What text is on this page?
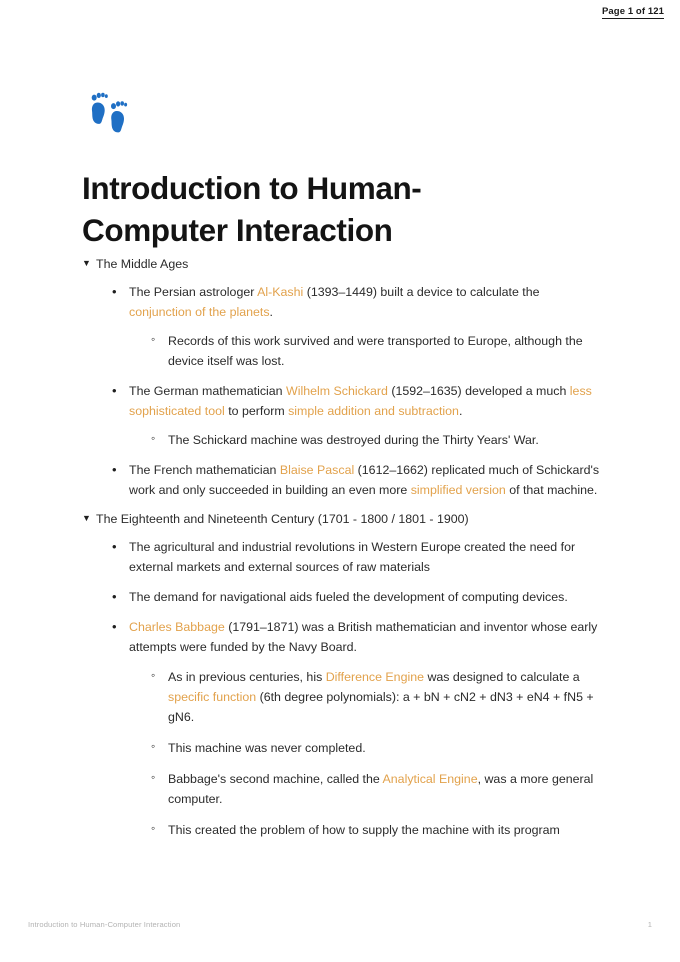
Page 1 of 121
Introduction to Human-Computer Interaction
▼ The Middle Ages
• The Persian astrologer Al-Kashi (1393–1449) built a device to calculate the conjunction of the planets.
◦ Records of this work survived and were transported to Europe, although the device itself was lost.
• The German mathematician Wilhelm Schickard (1592–1635) developed a much less sophisticated tool to perform simple addition and subtraction.
◦ The Schickard machine was destroyed during the Thirty Years' War.
• The French mathematician Blaise Pascal (1612–1662) replicated much of Schickard's work and only succeeded in building an even more simplified version of that machine.
▼ The Eighteenth and Nineteenth Century (1701 - 1800 / 1801 - 1900)
• The agricultural and industrial revolutions in Western Europe created the need for external markets and external sources of raw materials
• The demand for navigational aids fueled the development of computing devices.
• Charles Babbage (1791–1871) was a British mathematician and inventor whose early attempts were funded by the Navy Board.
◦ As in previous centuries, his Difference Engine was designed to calculate a specific function (6th degree polynomials): a + bN + cN2 + dN3 + eN4 + fN5 + gN6.
◦ This machine was never completed.
◦ Babbage's second machine, called the Analytical Engine, was a more general computer.
◦ This created the problem of how to supply the machine with its program
Introduction to Human-Computer Interaction	1
